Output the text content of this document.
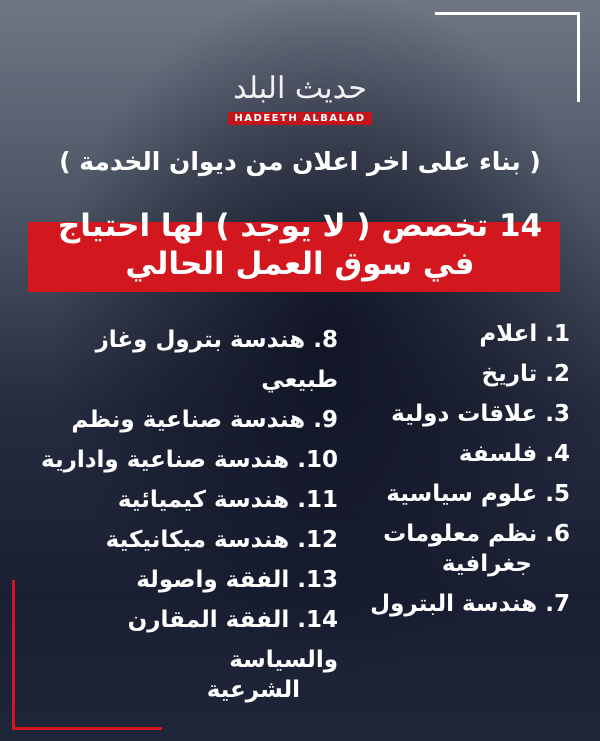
حديث البلد
HADEETH ALBALAD
( بناء على اخر اعلان من ديوان الخدمة )
14 تخصص ( لا يوجد ) لها احتياج
في سوق العمل الحالي
1. اعلام
2. تاريخ
3. علاقات دولية
4. فلسفة
5. علوم سياسية
6. نظم معلومات
جغرافية
7. هندسة البترول
8. هندسة بترول وغاز طبيعي
9. هندسة صناعية ونظم
10. هندسة صناعية وادارية
11. هندسة كيميائية
12. هندسة ميكانيكية
13. الفقة واصولة
14. الفقة المقارن والسياسة
الشرعية
